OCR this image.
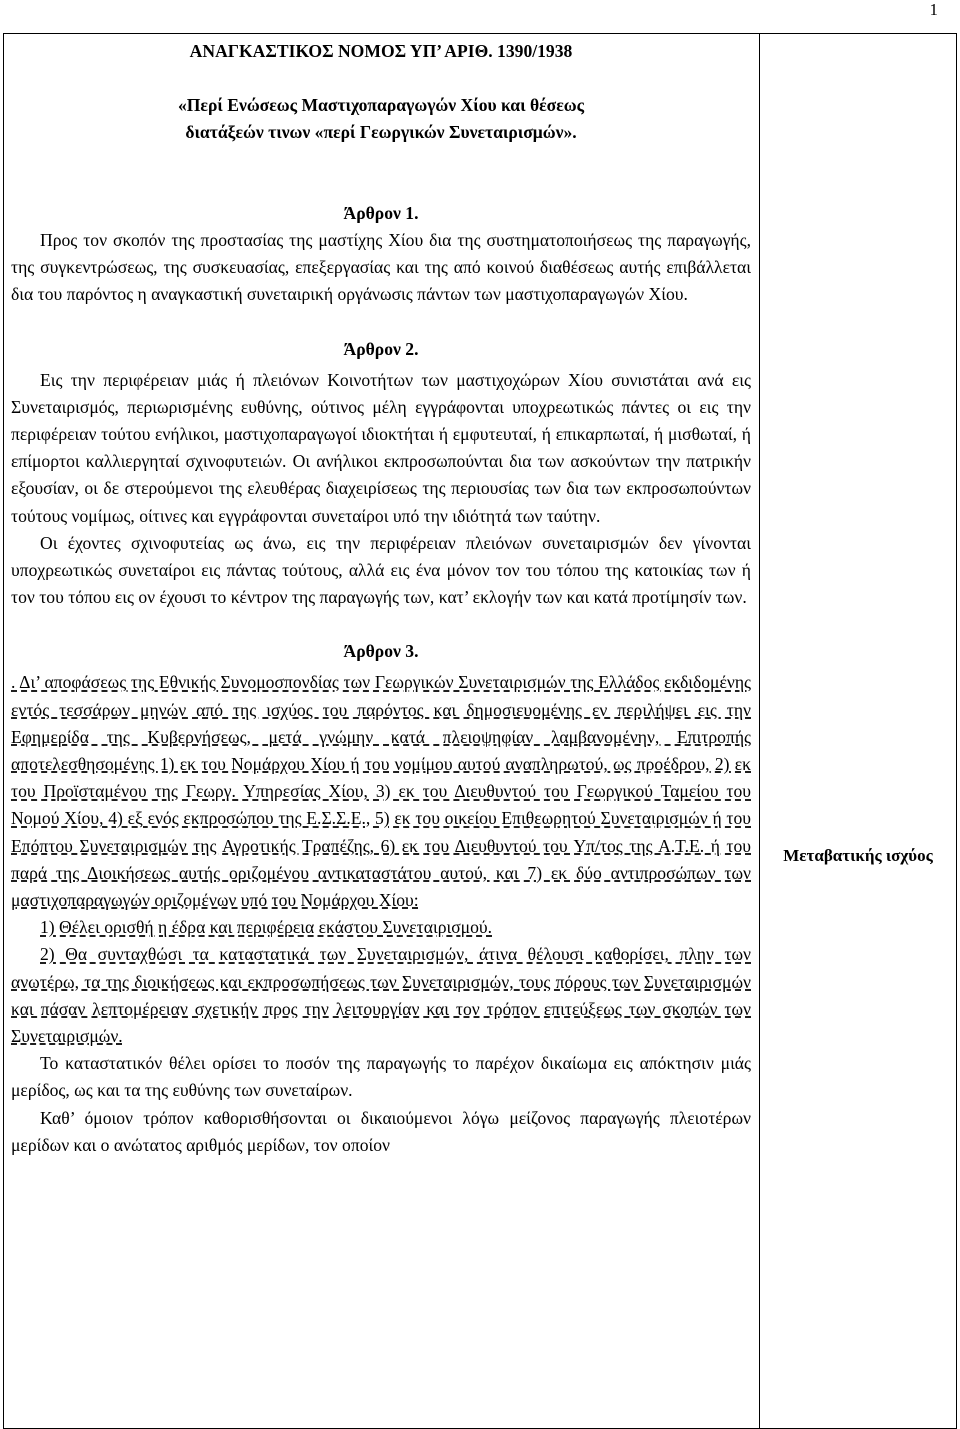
1

ΑΝΑΓΚΑΣΤΙΚΟΣ ΝΟΜΟΣ ΥΠ’ ΑΡΙΘ. 1390/1938

«Περί Ενώσεως Μαστιχοπαραγωγών Χίου και θέσεως

διατάξεών τινων «περί Γεωργικών Συνεταιρισμών».

Άρθρον 1.

Προς τον σκοπόν της προστασίας της μαστίχης Χίου δια της συστηματοποιήσεως της παραγωγής, της συγκεντρώσεως, της συσκευασίας, επεξεργασίας και της από κοινού διαθέσεως αυτής επιβάλλεται δια του παρόντος η αναγκαστική συνεταιρική οργάνωσις πάντων των μαστιχοπαραγωγών Χίου.

Άρθρον 2.

Εις την περιφέρειαν μιάς ή πλειόνων Κοινοτήτων των μαστιχοχώρων Χίου συνιστάται ανά εις Συνεταιρισμός, περιωρισμένης ευθύνης, ούτινος μέλη εγγράφονται υποχρεωτικώς πάντες οι εις την περιφέρειαν τούτου ενήλικοι, μαστιχοπαραγωγοί ιδιοκτήται ή εμφυτευταί, ή επικαρπωταί, ή μισθωταί, ή επίμορτοι καλλιεργηταί σχινοφυτειών. Οι ανήλικοι εκπροσωπούνται δια των ασκούντων την πατρικήν εξουσίαν, οι δε στερούμενοι της ελευθέρας διαχειρίσεως της περιουσίας των δια των εκπροσωπούντων τούτους νομίμως, οίτινες και εγγράφονται συνεταίροι υπό την ιδιότητά των ταύτην.

Οι έχοντες σχινοφυτείας ως άνω, εις την περιφέρειαν πλειόνων συνεταιρισμών δεν γίνονται υποχρεωτικώς συνεταίροι εις πάντας τούτους, αλλά εις ένα μόνον τον του τόπου της κατοικίας των ή τον του τόπου εις ον έχουσι το κέντρον της παραγωγής των, κατ’ εκλογήν των και κατά προτίμησίν των.

Άρθρον 3.

. Δι’ αποφάσεως της Εθνικής Συνομοσπονδίας των Γεωργικών Συνεταιρισμών της Ελλάδος εκδιδομένης εντός τεσσάρων μηνών από της ισχύος του παρόντος και δημοσιευομένης εν περιλήψει εις την Εφημερίδα της Κυβερνήσεως, μετά γνώμην κατά πλειοψηφίαν λαμβανομένην, Επιτροπής αποτελεσθησομένης 1) εκ του Νομάρχου Χίου ή του νομίμου αυτού αναπληρωτού, ως προέδρου, 2) εκ του Προϊσταμένου της Γεωργ. Υπηρεσίας Χίου, 3) εκ του Διευθυντού του Γεωργικού Ταμείου του Νομού Χίου, 4) εξ ενός εκπροσώπου της Ε.Σ.Σ.Ε., 5) εκ του οικείου Επιθεωρητού Συνεταιρισμών ή του Επόπτου Συνεταιρισμών της Αγροτικής Τραπέζης, 6) εκ του Διευθυντού του Υπ/τος της Α.Τ.Ε. ή του παρά της Διοικήσεως αυτής οριζομένου αντικαταστάτου αυτού, και 7) εκ δύο αντιπροσώπων των μαστιχοπαραγωγών οριζομένων υπό του Νομάρχου Χίου:

1) Θέλει ορισθή η έδρα και περιφέρεια εκάστου Συνεταιρισμού.

2) Θα συνταχθώσι τα καταστατικά των Συνεταιρισμών, άτινα θέλουσι καθορίσει, πλην των ανωτέρω, τα της διοικήσεως και εκπροσωπήσεως των Συνεταιρισμών, τους πόρους των Συνεταιρισμών και πάσαν λεπτομέρειαν σχετικήν προς την λειτουργίαν και τον τρόπον επιτεύξεως των σκοπών των Συνεταιρισμών.

Το καταστατικόν θέλει ορίσει το ποσόν της παραγωγής το παρέχον δικαίωμα εις απόκτησιν μιάς μερίδος, ως και τα της ευθύνης των συνεταίρων.

Καθ’ όμοιον τρόπον καθορισθήσονται οι δικαιούμενοι λόγω μείζονος παραγωγής πλειοτέρων μερίδων και ο ανώτατος αριθμός μερίδων, τον οποίον

Μεταβατικής ισχύος
